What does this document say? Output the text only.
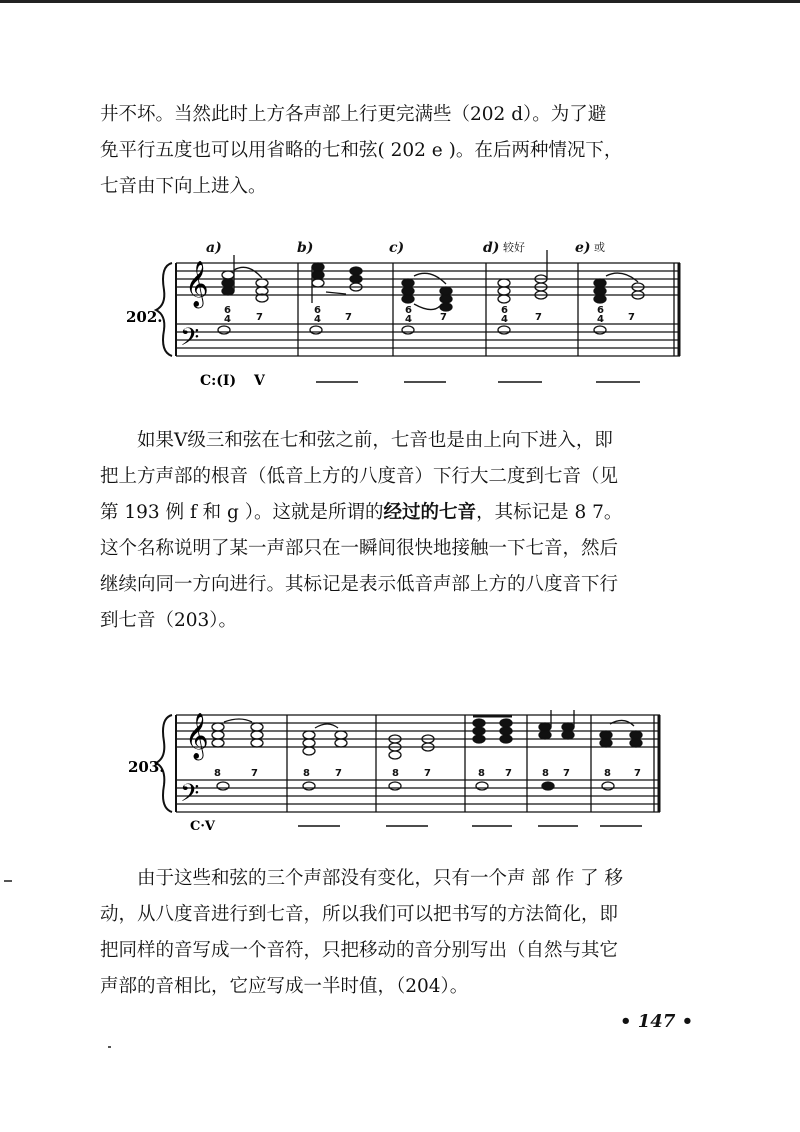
井不坏。当然此时上方各声部上行更完满些（202 d）。为了避
免平行五度也可以用省略的七和弦( 202 e )。在后两种情况下，
七音由下向上进入。
𝄞
𝄢
6
4	7
6
4 7
6
4	7
6
4	7
6
4 7
a)	b)	c)	d)	e)
较好	或
202.
C:(I) V
如果Ⅴ级三和弦在七和弦之前，七音也是由上向下进入，即
把上方声部的根音（低音上方的八度音）下行大二度到七音（见
第 193 例 f 和 g ）。这就是所谓的经过的七音，其标记是 8 7。
这个名称说明了某一声部只在一瞬间很快地接触一下七音，然后
继续向同一方向进行。其标记是表示低音声部上方的八度音下行
到七音（203）。
𝄞
𝄢
8	7	8	7	8	7	8 7	8 7	8 7
203.
C·V
由于这些和弦的三个声部没有变化，只有一个声 部 作 了 移
动，从八度音进行到七音，所以我们可以把书写的方法简化，即
把同样的音写成一个音符，只把移动的音分别写出（自然与其它
声部的音相比，它应写成一半时值，（204）。
• 147 •
